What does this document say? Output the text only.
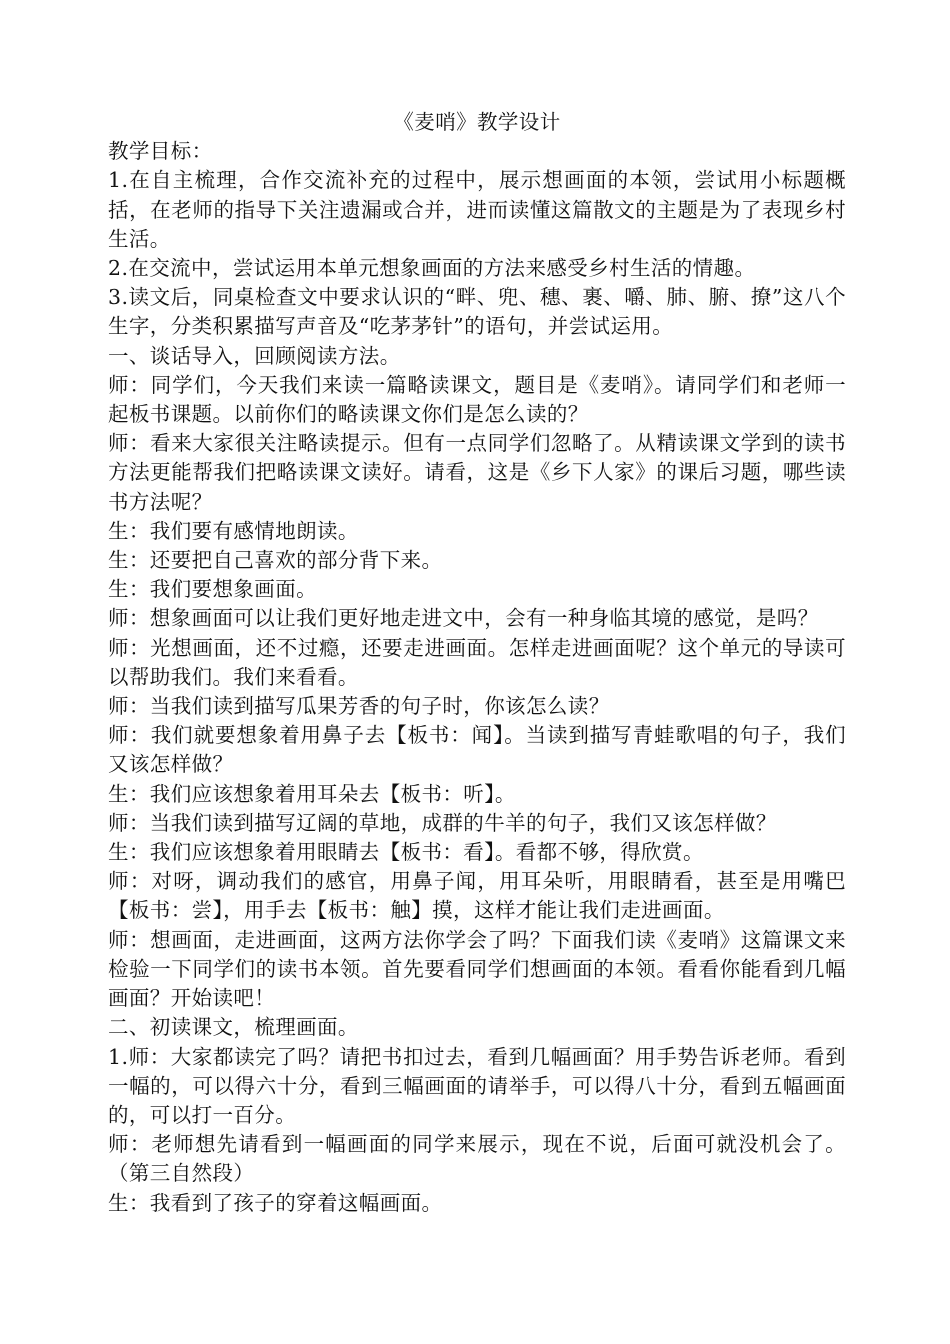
《麦哨》教学设计

教学目标：

1.在自主梳理，合作交流补充的过程中，展示想画面的本领，尝试用小标题概括，在老师的指导下关注遗漏或合并，进而读懂这篇散文的主题是为了表现乡村生活。

2.在交流中，尝试运用本单元想象画面的方法来感受乡村生活的情趣。

3.读文后，同桌检查文中要求认识的“畔、兜、穗、裹、嚼、肺、腑、撩”这八个生字，分类积累描写声音及“吃茅茅针”的语句，并尝试运用。

一、谈话导入，回顾阅读方法。

师：同学们，今天我们来读一篇略读课文，题目是《麦哨》。请同学们和老师一起板书课题。以前你们的略读课文你们是怎么读的？

师：看来大家很关注略读提示。但有一点同学们忽略了。从精读课文学到的读书方法更能帮我们把略读课文读好。请看，这是《乡下人家》的课后习题，哪些读书方法呢？

生：我们要有感情地朗读。

生：还要把自己喜欢的部分背下来。

生：我们要想象画面。

师：想象画面可以让我们更好地走进文中，会有一种身临其境的感觉，是吗？

师：光想画面，还不过瘾，还要走进画面。怎样走进画面呢？这个单元的导读可以帮助我们。我们来看看。

师：当我们读到描写瓜果芳香的句子时，你该怎么读？

师：我们就要想象着用鼻子去【板书：闻】。当读到描写青蛙歌唱的句子，我们又该怎样做？

生：我们应该想象着用耳朵去【板书：听】。

师：当我们读到描写辽阔的草地，成群的牛羊的句子，我们又该怎样做？

生：我们应该想象着用眼睛去【板书：看】。看都不够，得欣赏。

师：对呀，调动我们的感官，用鼻子闻，用耳朵听，用眼睛看，甚至是用嘴巴【板书：尝】，用手去【板书：触】摸，这样才能让我们走进画面。

师：想画面，走进画面，这两方法你学会了吗？下面我们读《麦哨》这篇课文来检验一下同学们的读书本领。首先要看同学们想画面的本领。看看你能看到几幅画面？开始读吧！

二、初读课文，梳理画面。

1.师：大家都读完了吗？请把书扣过去，看到几幅画面？用手势告诉老师。看到一幅的，可以得六十分，看到三幅画面的请举手，可以得八十分，看到五幅画面的，可以打一百分。

师：老师想先请看到一幅画面的同学来展示，现在不说，后面可就没机会了。（第三自然段）

生：我看到了孩子的穿着这幅画面。
